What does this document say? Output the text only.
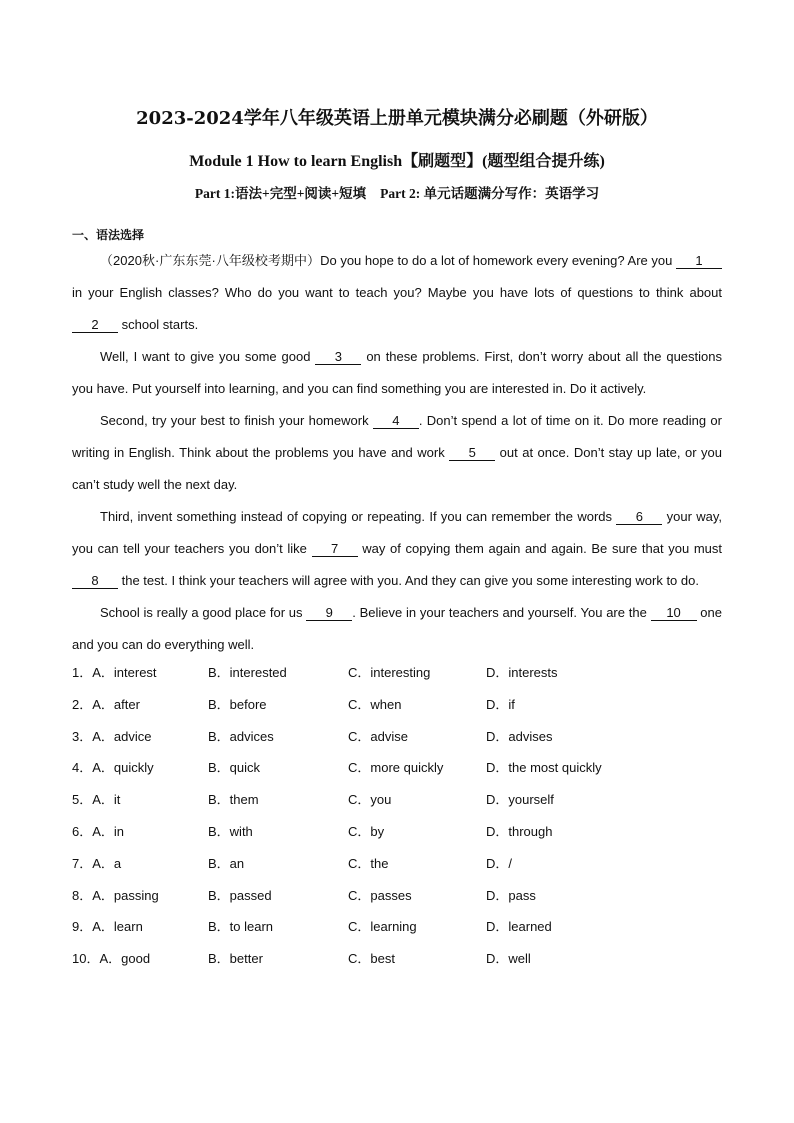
2023-2024学年八年级英语上册单元模块满分必刷题（外研版）
Module 1 How to learn English【刷题型】(题型组合提升练)
Part 1:语法+完型+阅读+短填 Part 2: 单元话题满分写作：英语学习
一、语法选择

（2020秋·广东东莞·八年级校考期中）Do you hope to do a lot of homework every evening? Are you 1 in your English classes? Who do you want to teach you? Maybe you have lots of questions to think about 2 school starts.

Well, I want to give you some good 3 on these problems. First, don’t worry about all the questions you have. Put yourself into learning, and you can find something you are interested in. Do it actively.

Second, try your best to finish your homework 4 . Don’t spend a lot of time on it. Do more reading or writing in English. Think about the problems you have and work 5 out at once. Don’t stay up late, or you can’t study well the next day.

Third, invent something instead of copying or repeating. If you can remember the words 6 your way, you can tell your teachers you don’t like 7 way of copying them again and again. Be sure that you must 8 the test. I think your teachers will agree with you. And they can give you some interesting work to do.

School is really a good place for us 9 . Believe in your teachers and yourself. You are the 10 one and you can do everything well.

1．A．interest	B．interested	C．interesting	D．interests
2．A．after	B．before	C．when	D．if
3．A．advice	B．advices	C．advise	D．advises
4．A．quickly	B．quick	C．more quickly	D．the most quickly
5．A．it	B．them	C．you	D．yourself
6．A．in	B．with	C．by	D．through
7．A．a	B．an	C．the	D．/
8．A．passing	B．passed	C．passes	D．pass
9．A．learn	B．to learn	C．learning	D．learned
10．A．good	B．better	C．best	D．well
